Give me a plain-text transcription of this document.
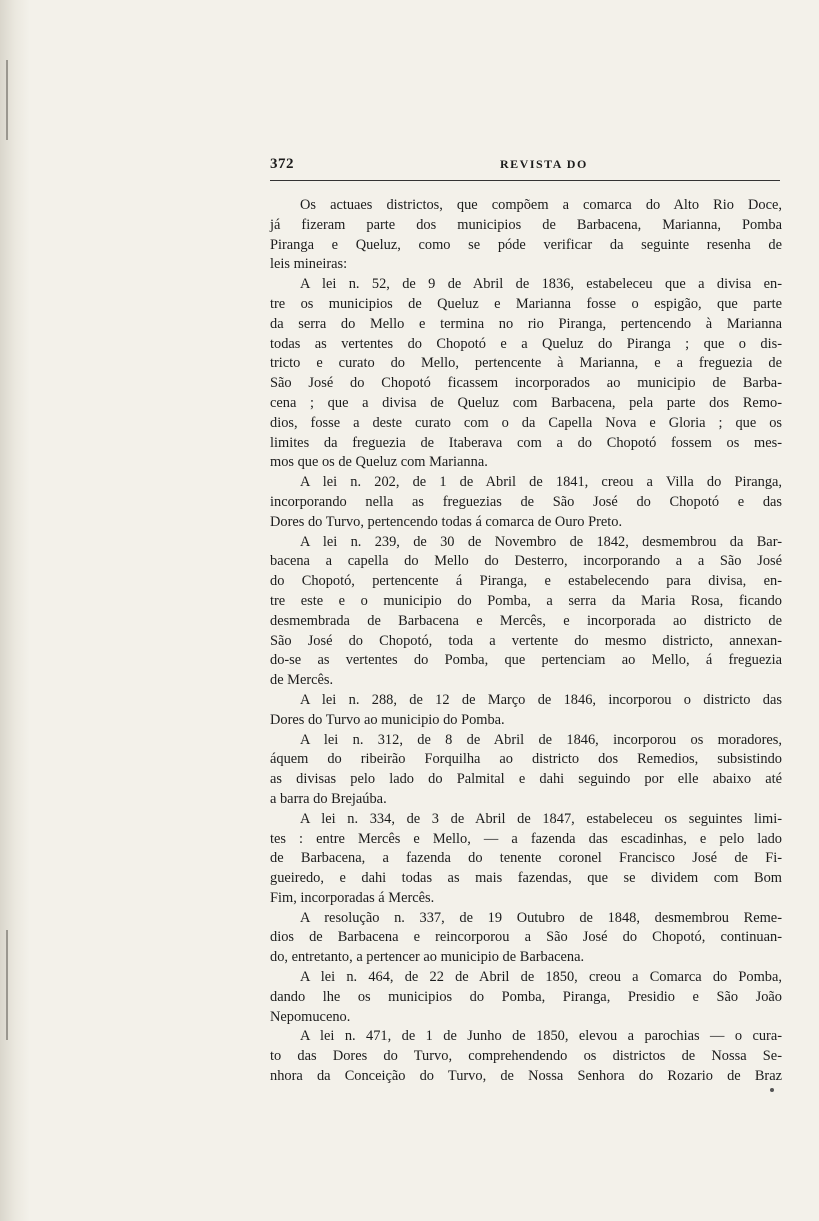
372	REVISTA DO
Os actuaes districtos, que compõem a comarca do Alto Rio Doce,
já fizeram parte dos municipios de Barbacena, Marianna, Pomba
Piranga e Queluz, como se póde verificar da seguinte resenha de
leis mineiras:
A lei n. 52, de 9 de Abril de 1836, estabeleceu que a divisa en-
tre os municipios de Queluz e Marianna fosse o espigão, que parte
da serra do Mello e termina no rio Piranga, pertencendo à Marianna
todas as vertentes do Chopotó e a Queluz do Piranga ; que o dis-
tricto e curato do Mello, pertencente à Marianna, e a freguezia de
São José do Chopotó ficassem incorporados ao municipio de Barba-
cena ; que a divisa de Queluz com Barbacena, pela parte dos Remo-
dios, fosse a deste curato com o da Capella Nova e Gloria ; que os
limites da freguezia de Itaberava com a do Chopotó fossem os mes-
mos que os de Queluz com Marianna.
A lei n. 202, de 1 de Abril de 1841, creou a Villa do Piranga,
incorporando nella as freguezias de São José do Chopotó e das
Dores do Turvo, pertencendo todas á comarca de Ouro Preto.
A lei n. 239, de 30 de Novembro de 1842, desmembrou da Bar-
bacena a capella do Mello do Desterro, incorporando a a São José
do Chopotó, pertencente á Piranga, e estabelecendo para divisa, en-
tre este e o municipio do Pomba, a serra da Maria Rosa, ficando
desmembrada de Barbacena e Mercês, e incorporada ao districto de
São José do Chopotó, toda a vertente do mesmo districto, annexan-
do-se as vertentes do Pomba, que pertenciam ao Mello, á freguezia
de Mercês.
A lei n. 288, de 12 de Março de 1846, incorporou o districto das
Dores do Turvo ao municipio do Pomba.
A lei n. 312, de 8 de Abril de 1846, incorporou os moradores,
áquem do ribeirão Forquilha ao districto dos Remedios, subsistindo
as divisas pelo lado do Palmital e dahi seguindo por elle abaixo até
a barra do Brejaúba.
A lei n. 334, de 3 de Abril de 1847, estabeleceu os seguintes limi-
tes : entre Mercês e Mello, — a fazenda das escadinhas, e pelo lado
de Barbacena, a fazenda do tenente coronel Francisco José de Fi-
gueiredo, e dahi todas as mais fazendas, que se dividem com Bom
Fim, incorporadas á Mercês.
A resolução n. 337, de 19 Outubro de 1848, desmembrou Reme-
dios de Barbacena e reincorporou a São José do Chopotó, continuan-
do, entretanto, a pertencer ao municipio de Barbacena.
A lei n. 464, de 22 de Abril de 1850, creou a Comarca do Pomba,
dando lhe os municipios do Pomba, Piranga, Presidio e São João
Nepomuceno.
A lei n. 471, de 1 de Junho de 1850, elevou a parochias — o cura-
to das Dores do Turvo, comprehendendo os districtos de Nossa Se-
nhora da Conceição do Turvo, de Nossa Senhora do Rozario de Braz
